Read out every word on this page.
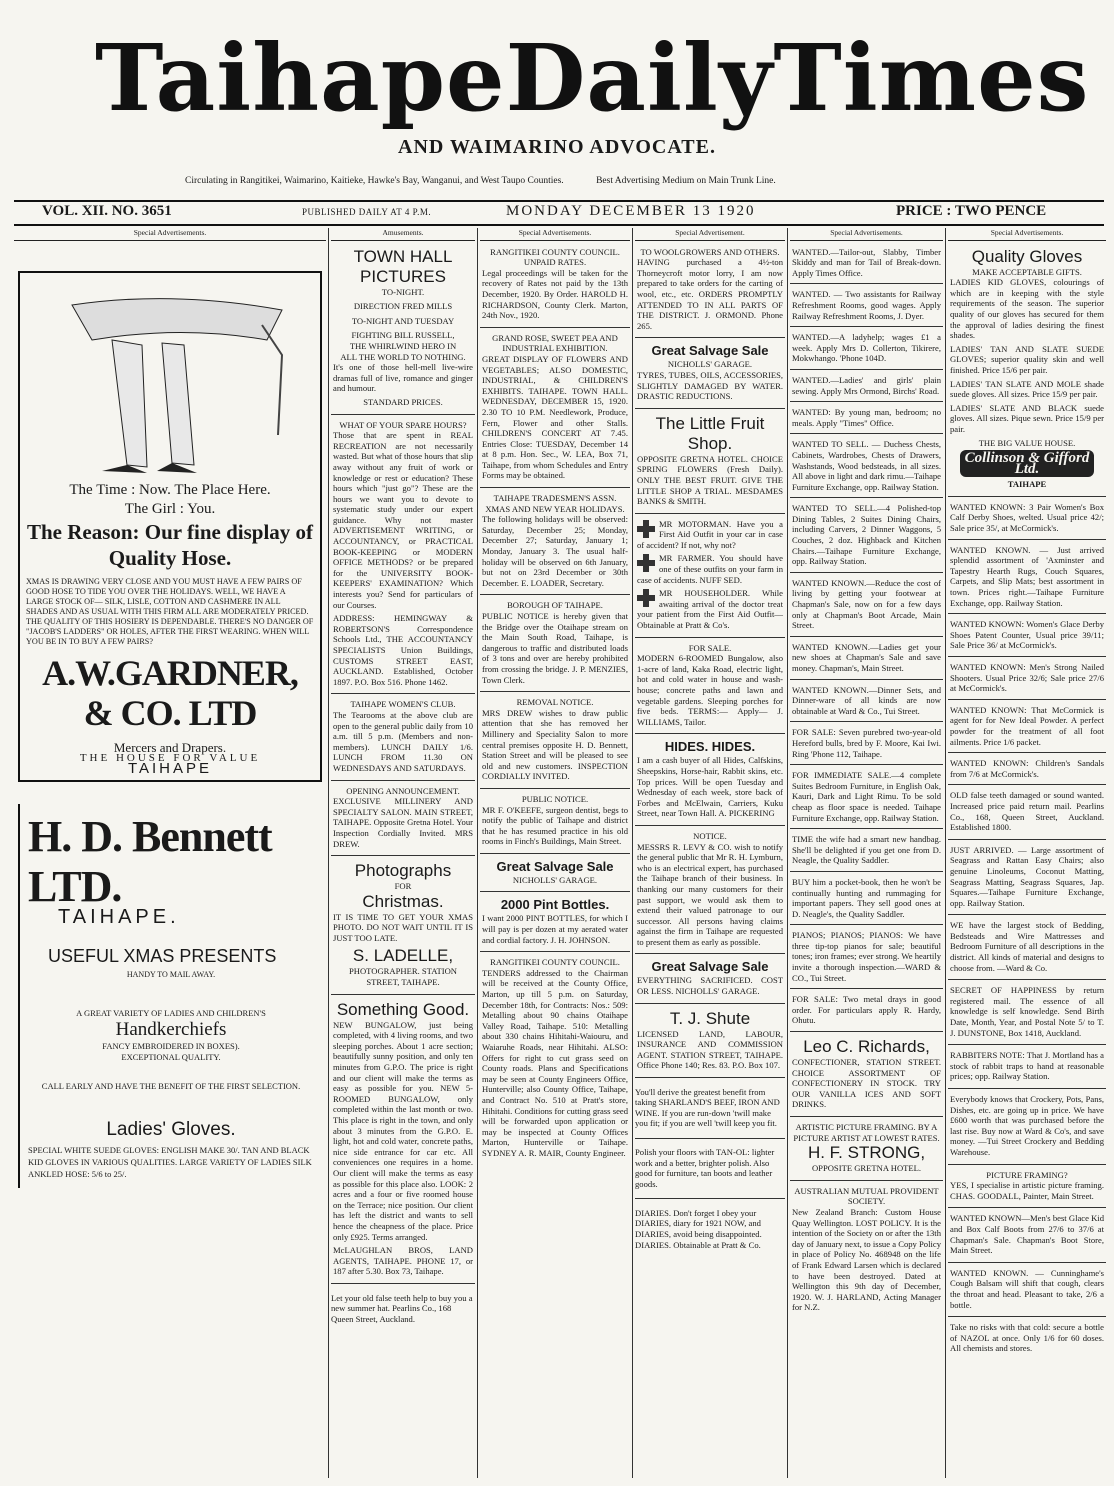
Taihape Daily Times
AND WAIMARINO ADVOCATE.
Circulating in Rangitikei, Waimarino, Kaitieke, Hawke's Bay, Wanganui, and West Taupo Counties.	Best Advertising Medium on Main Trunk Line.
VOL. XII. NO. 3651	PUBLISHED DAILY AT 4 P.M.	MONDAY DECEMBER 13 1920	PRICE : TWO PENCE
Special Advertisements.
The Time : Now. The Place Here.
The Girl : You.
The Reason: Our fine display of Quality Hose.

XMAS IS DRAWING VERY CLOSE AND YOU MUST HAVE A FEW PAIRS OF GOOD HOSE TO TIDE YOU OVER THE HOLIDAYS. WELL, WE HAVE A LARGE STOCK OF— SILK, LISLE, COTTON AND CASHMERE IN ALL SHADES AND AS USUAL WITH THIS FIRM ALL ARE MODERATELY PRICED. THE QUALITY OF THIS HOSIERY IS DEPENDABLE. THERE'S NO DANGER OF "JACOB'S LADDERS" OR HOLES, AFTER THE FIRST WEARING. WHEN WILL YOU BE IN TO BUY A FEW PAIRS?

A.W.GARDNER, & CO. LTD
Mercers and Drapers.
THE HOUSE FOR VALUE
TAIHAPE
H. D. Bennett LTD.
TAIHAPE.
USEFUL XMAS PRESENTS
HANDY TO MAIL AWAY.
A GREAT VARIETY OF LADIES AND CHILDREN'S
Handkerchiefs
FANCY EMBROIDERED IN BOXES).
EXCEPTIONAL QUALITY.
CALL EARLY AND HAVE THE BENEFIT OF THE FIRST SELECTION.
Ladies' Gloves.

SPECIAL WHITE SUEDE GLOVES: ENGLISH MAKE 30/. TAN AND BLACK KID GLOVES IN VARIOUS QUALITIES. LARGE VARIETY OF LADIES SILK ANKLED HOSE: 5/6 to 25/.

Amusements.
TOWN HALL PICTURES
TO-NIGHT.
DIRECTION FRED MILLS
TO-NIGHT AND TUESDAY
FIGHTING BILL RUSSELL,
THE WHIRLWIND HERO IN
ALL THE WORLD TO NOTHING.

It's one of those hell-mell live-wire dramas full of live, romance and ginger and humour.

STANDARD PRICES.
WHAT OF YOUR SPARE HOURS?

Those that are spent in REAL RECREATION are not necessarily wasted. But what of those hours that slip away without any fruit of work or knowledge or rest or education? These hours which "just go"? These are the hours we want you to devote to systematic study under our expert guidance. Why not master ADVERTISEMENT WRITING, or ACCOUNTANCY, or PRACTICAL BOOK-KEEPING or MODERN OFFICE METHODS? or be prepared for the UNIVERSITY BOOK-KEEPERS' EXAMINATION? Which interests you? Send for particulars of our Courses.

ADDRESS: HEMINGWAY & ROBERTSON'S Correspondence Schools Ltd., THE ACCOUNTANCY SPECIALISTS Union Buildings, CUSTOMS STREET EAST, AUCKLAND. Established, October 1897. P.O. Box 516. Phone 1462.

TAIHAPE WOMEN'S CLUB.

The Tearooms at the above club are open to the general public daily from 10 a.m. till 5 p.m. (Members and non-members). LUNCH DAILY 1/6. LUNCH FROM 11.30 ON WEDNESDAYS AND SATURDAYS.

OPENING ANNOUNCEMENT.

EXCLUSIVE MILLINERY AND SPECIALTY SALON. MAIN STREET, TAIHAPE. Opposite Gretna Hotel. Your Inspection Cordially Invited. MRS DREW.

Photographs
FOR
Christmas.

IT IS TIME TO GET YOUR XMAS PHOTO. DO NOT WAIT UNTIL IT IS JUST TOO LATE.

S. LADELLE,
PHOTOGRAPHER. STATION STREET, TAIHAPE.
Something Good.

NEW BUNGALOW, just being completed, with 4 living rooms, and two sleeping porches. About 1 acre section; beautifully sunny position, and only ten minutes from G.P.O. The price is right and our client will make the terms as easy as possible for you. NEW 5-ROOMED BUNGALOW, only completed within the last month or two. This place is right in the town, and only about 3 minutes from the G.P.O. E. light, hot and cold water, concrete paths, nice side entrance for car etc. All conveniences one requires in a home. Our client will make the terms as easy as possible for this place also. LOOK: 2 acres and a four or five roomed house on the Terrace; nice position. Our client has left the district and wants to sell hence the cheapness of the place. Price only £925. Terms arranged.

McLAUGHLAN BROS, LAND AGENTS, TAIHAPE. PHONE 17, or 187 after 5.30. Box 73, Taihape.

Let your old false teeth help to buy you a new summer hat. Pearlins Co., 168 Queen Street, Auckland.

Special Advertisements.
RANGITIKEI COUNTY COUNCIL.
UNPAID RATES.

Legal proceedings will be taken for the recovery of Rates not paid by the 13th December, 1920. By Order. HAROLD H. RICHARDSON, County Clerk. Marton, 24th Nov., 1920.

GRAND ROSE, SWEET PEA AND INDUSTRIAL EXHIBITION.

GREAT DISPLAY OF FLOWERS AND VEGETABLES; ALSO DOMESTIC, INDUSTRIAL, & CHILDREN'S EXHIBITS. TAIHAPE. TOWN HALL. WEDNESDAY, DECEMBER 15, 1920. 2.30 TO 10 P.M. Needlework, Produce, Fern, Flower and other Stalls. CHILDREN'S CONCERT AT 7.45. Entries Close: TUESDAY, December 14 at 8 p.m. Hon. Sec., W. LEA, Box 71, Taihape, from whom Schedules and Entry Forms may be obtained.

TAIHAPE TRADESMEN'S ASSN.
XMAS AND NEW YEAR HOLIDAYS.

The following holidays will be observed: Saturday, December 25; Monday, December 27; Saturday, January 1; Monday, January 3. The usual half-holiday will be observed on 6th January, but not on 23rd December or 30th December. E. LOADER, Secretary.

BOROUGH OF TAIHAPE.

PUBLIC NOTICE is hereby given that the Bridge over the Otaihape stream on the Main South Road, Taihape, is dangerous to traffic and distributed loads of 3 tons and over are hereby prohibited from crossing the bridge. J. P. MENZIES, Town Clerk.

REMOVAL NOTICE.

MRS DREW wishes to draw public attention that she has removed her Millinery and Speciality Salon to more central premises opposite H. D. Bennett, Station Street and will be pleased to see old and new customers. INSPECTION CORDIALLY INVITED.

PUBLIC NOTICE.

MR F. O'KEEFE, surgeon dentist, begs to notify the public of Taihape and district that he has resumed practice in his old rooms in Finch's Buildings, Main Street.

Great Salvage Sale
NICHOLLS' GARAGE.
2000 Pint Bottles.

I want 2000 PINT BOTTLES, for which I will pay is per dozen at my aerated water and cordial factory. J. H. JOHNSON.

RANGITIKEI COUNTY COUNCIL.

TENDERS addressed to the Chairman will be received at the County Office, Marton, up till 5 p.m. on Saturday, December 18th, for Contracts: Nos.: 509: Metalling about 90 chains Otaihape Valley Road, Taihape. 510: Metalling about 330 chains Hihitahi-Waiouru, and Waiaruhe Roads, near Hihitahi. ALSO: Offers for right to cut grass seed on County roads. Plans and Specifications may be seen at County Engineers Office, Hunterville; also County Office, Taihape, and Contract No. 510 at Pratt's store, Hihitahi. Conditions for cutting grass seed will be forwarded upon application or may be inspected at County Offices Marton, Hunterville or Taihape. SYDNEY A. R. MAIR, County Engineer.

Special Advertisement.
TO WOOLGROWERS AND OTHERS.

HAVING purchased a 4½-ton Thorneycroft motor lorry, I am now prepared to take orders for the carting of wool, etc., etc. ORDERS PROMPTLY ATTENDED TO IN ALL PARTS OF THE DISTRICT. J. ORMOND. Phone 265.

Great Salvage Sale
NICHOLLS' GARAGE.

TYRES, TUBES, OILS, ACCESSORIES, SLIGHTLY DAMAGED BY WATER. DRASTIC REDUCTIONS.

The Little Fruit Shop.

OPPOSITE GRETNA HOTEL. CHOICE SPRING FLOWERS (Fresh Daily). ONLY THE BEST FRUIT. GIVE THE LITTLE SHOP A TRIAL. MESDAMES BANKS & SMITH.

MR MOTORMAN. Have you a First Aid Outfit in your car in case of accident? If not, why not?

MR FARMER. You should have one of these outfits on your farm in case of accidents. NUFF SED.

MR HOUSEHOLDER. While awaiting arrival of the doctor treat your patient from the First Aid Outfit— Obtainable at Pratt & Co's.

FOR SALE.

MODERN 6-ROOMED Bungalow, also 1-acre of land, Kaka Road, electric light, hot and cold water in house and wash-house; concrete paths and lawn and vegetable gardens. Sleeping porches for five beds. TERMS:— Apply— J. WILLIAMS, Tailor.

HIDES. HIDES.

I am a cash buyer of all Hides, Calfskins, Sheepskins, Horse-hair, Rabbit skins, etc. Top prices. Will be open Tuesday and Wednesday of each week, store back of Forbes and McElwain, Carriers, Kuku Street, near Town Hall. A. PICKERING

NOTICE.

MESSRS R. LEVY & CO. wish to notify the general public that Mr R. H. Lymburn, who is an electrical expert, has purchased the Taihape branch of their business. In thanking our many customers for their past support, we would ask them to extend their valued patronage to our successor. All persons having claims against the firm in Taihape are requested to present them as early as possible.

Great Salvage Sale

EVERYTHING SACRIFICED. COST OR LESS. NICHOLLS' GARAGE.

T. J. Shute

LICENSED LAND, LABOUR, INSURANCE AND COMMISSION AGENT. STATION STREET, TAIHAPE. Office Phone 140; Res. 83. P.O. Box 107.

You'll derive the greatest benefit from taking SHARLAND'S BEEF, IRON AND WINE. If you are run-down 'twill make you fit; if you are well 'twill keep you fit.

Polish your floors with TAN-OL: lighter work and a better, brighter polish. Also good for furniture, tan boots and leather goods.

DIARIES. Don't forget I obey your DIARIES, diary for 1921 NOW, and DIARIES, avoid being disappointed. DIARIES. Obtainable at Pratt & Co.

Special Advertisements.

WANTED.—Tailor-out, Slabby, Timber Skiddy and man for Tail of Break-down. Apply Times Office.

WANTED. — Two assistants for Railway Refreshment Rooms, good wages. Apply Railway Refreshment Rooms, J. Dyer.

WANTED.—A ladyhelp; wages £1 a week. Apply Mrs D. Collerton, Tikirere, Mokwhango. 'Phone 104D.

WANTED.—Ladies' and girls' plain sewing. Apply Mrs Ormond, Birchs' Road.

WANTED: By young man, bedroom; no meals. Apply "Times" Office.

WANTED TO SELL. — Duchess Chests, Cabinets, Wardrobes, Chests of Drawers, Washstands, Wood bedsteads, in all sizes. All above in light and dark rimu.—Taihape Furniture Exchange, opp. Railway Station.

WANTED TO SELL.—4 Polished-top Dining Tables, 2 Suites Dining Chairs, including Carvers, 2 Dinner Waggons, 5 Couches, 2 doz. Highback and Kitchen Chairs.—Taihape Furniture Exchange, opp. Railway Station.

WANTED KNOWN.—Reduce the cost of living by getting your footwear at Chapman's Sale, now on for a few days only at Chapman's Boot Arcade, Main Street.

WANTED KNOWN.—Ladies get your new shoes at Chapman's Sale and save money. Chapman's, Main Street.

WANTED KNOWN.—Dinner Sets, and Dinner-ware of all kinds are now obtainable at Ward & Co., Tui Street.

FOR SALE: Seven purebred two-year-old Hereford bulls, bred by F. Moore, Kai Iwi. Ring 'Phone 112, Taihape.

FOR IMMEDIATE SALE.—4 complete Suites Bedroom Furniture, in English Oak, Kauri, Dark and Light Rimu. To be sold cheap as floor space is needed. Taihape Furniture Exchange, opp. Railway Station.

TIME the wife had a smart new handbag. She'll be delighted if you get one from D. Neagle, the Quality Saddler.

BUY him a pocket-book, then he won't be continually hunting and rummaging for important papers. They sell good ones at D. Neagle's, the Quality Saddler.

PIANOS; PIANOS; PIANOS: We have three tip-top pianos for sale; beautiful tones; iron frames; ever strong. We heartily invite a thorough inspection.—WARD & CO., Tui Street.

FOR SALE: Two metal drays in good order. For particulars apply R. Hardy, Ohutu.

Leo C. Richards,

CONFECTIONER, STATION STREET. CHOICE ASSORTMENT OF CONFECTIONERY IN STOCK. TRY OUR VANILLA ICES AND SOFT DRINKS.

ARTISTIC PICTURE FRAMING. BY A PICTURE ARTIST AT LOWEST RATES.
H. F. STRONG,
OPPOSITE GRETNA HOTEL.
AUSTRALIAN MUTUAL PROVIDENT SOCIETY.

New Zealand Branch: Custom House Quay Wellington. LOST POLICY. It is the intention of the Society on or after the 13th day of January next, to issue a Copy Policy in place of Policy No. 468948 on the life of Frank Edward Larsen which is declared to have been destroyed. Dated at Wellington this 9th day of December, 1920. W. J. HARLAND, Acting Manager for N.Z.

Special Advertisements.
Quality Gloves
MAKE ACCEPTABLE GIFTS.

LADIES KID GLOVES, colourings of which are in keeping with the style requirements of the season. The superior quality of our gloves has secured for them the approval of ladies desiring the finest shades.

LADIES' TAN AND SLATE SUEDE GLOVES; superior quality skin and well finished. Price 15/6 per pair.

LADIES' TAN SLATE AND MOLE shade suede gloves. All sizes. Price 15/9 per pair.

LADIES' SLATE AND BLACK suede gloves. All sizes. Pique sewn. Price 15/9 per pair.

THE BIG VALUE HOUSE.
Collinson & Gifford Ltd.
TAIHAPE

WANTED KNOWN: 3 Pair Women's Box Calf Derby Shoes, welted. Usual price 42/; Sale price 35/, at McCormick's.

WANTED KNOWN. — Just arrived splendid assortment of 'Axminster and Tapestry Hearth Rugs, Couch Squares, Carpets, and Slip Mats; best assortment in town. Prices right.—Taihape Furniture Exchange, opp. Railway Station.

WANTED KNOWN: Women's Glace Derby Shoes Patent Counter, Usual price 39/11; Sale Price 36/ at McCormick's.

WANTED KNOWN: Men's Strong Nailed Shooters. Usual Price 32/6; Sale price 27/6 at McCormick's.

WANTED KNOWN: That McCormick is agent for for New Ideal Powder. A perfect powder for the treatment of all foot ailments. Price 1/6 packet.

WANTED KNOWN: Children's Sandals from 7/6 at McCormick's.

OLD false teeth damaged or sound wanted. Increased price paid return mail. Pearlins Co., 168, Queen Street, Auckland. Established 1800.

JUST ARRIVED. — Large assortment of Seagrass and Rattan Easy Chairs; also genuine Linoleums, Coconut Matting, Seagrass Matting, Seagrass Squares, Jap. Squares.—Taihape Furniture Exchange, opp. Railway Station.

WE have the largest stock of Bedding, Bedsteads and Wire Mattresses and Bedroom Furniture of all descriptions in the district. All kinds of material and designs to choose from. —Ward & Co.

SECRET OF HAPPINESS by return registered mail. The essence of all knowledge is self knowledge. Send Birth Date, Month, Year, and Postal Note 5/ to T. J. DUNSTONE, Box 1418, Auckland.

RABBITERS NOTE: That J. Mortland has a stock of rabbit traps to hand at reasonable prices; opp. Railway Station.

Everybody knows that Crockery, Pots, Pans, Dishes, etc. are going up in price. We have £600 worth that was purchased before the last rise. Buy now at Ward & Co's, and save money. —Tui Street Crockery and Bedding Warehouse.

PICTURE FRAMING?

YES, I specialise in artistic picture framing. CHAS. GOODALL, Painter, Main Street.

WANTED KNOWN—Men's best Glace Kid and Box Calf Boots from 27/6 to 37/6 at Chapman's Sale. Chapman's Boot Store, Main Street.

WANTED KNOWN. — Cunninghame's Cough Balsam will shift that cough, clears the throat and head. Pleasant to take, 2/6 a bottle.

Take no risks with that cold: secure a bottle of NAZOL at once. Only 1/6 for 60 doses. All chemists and stores.
